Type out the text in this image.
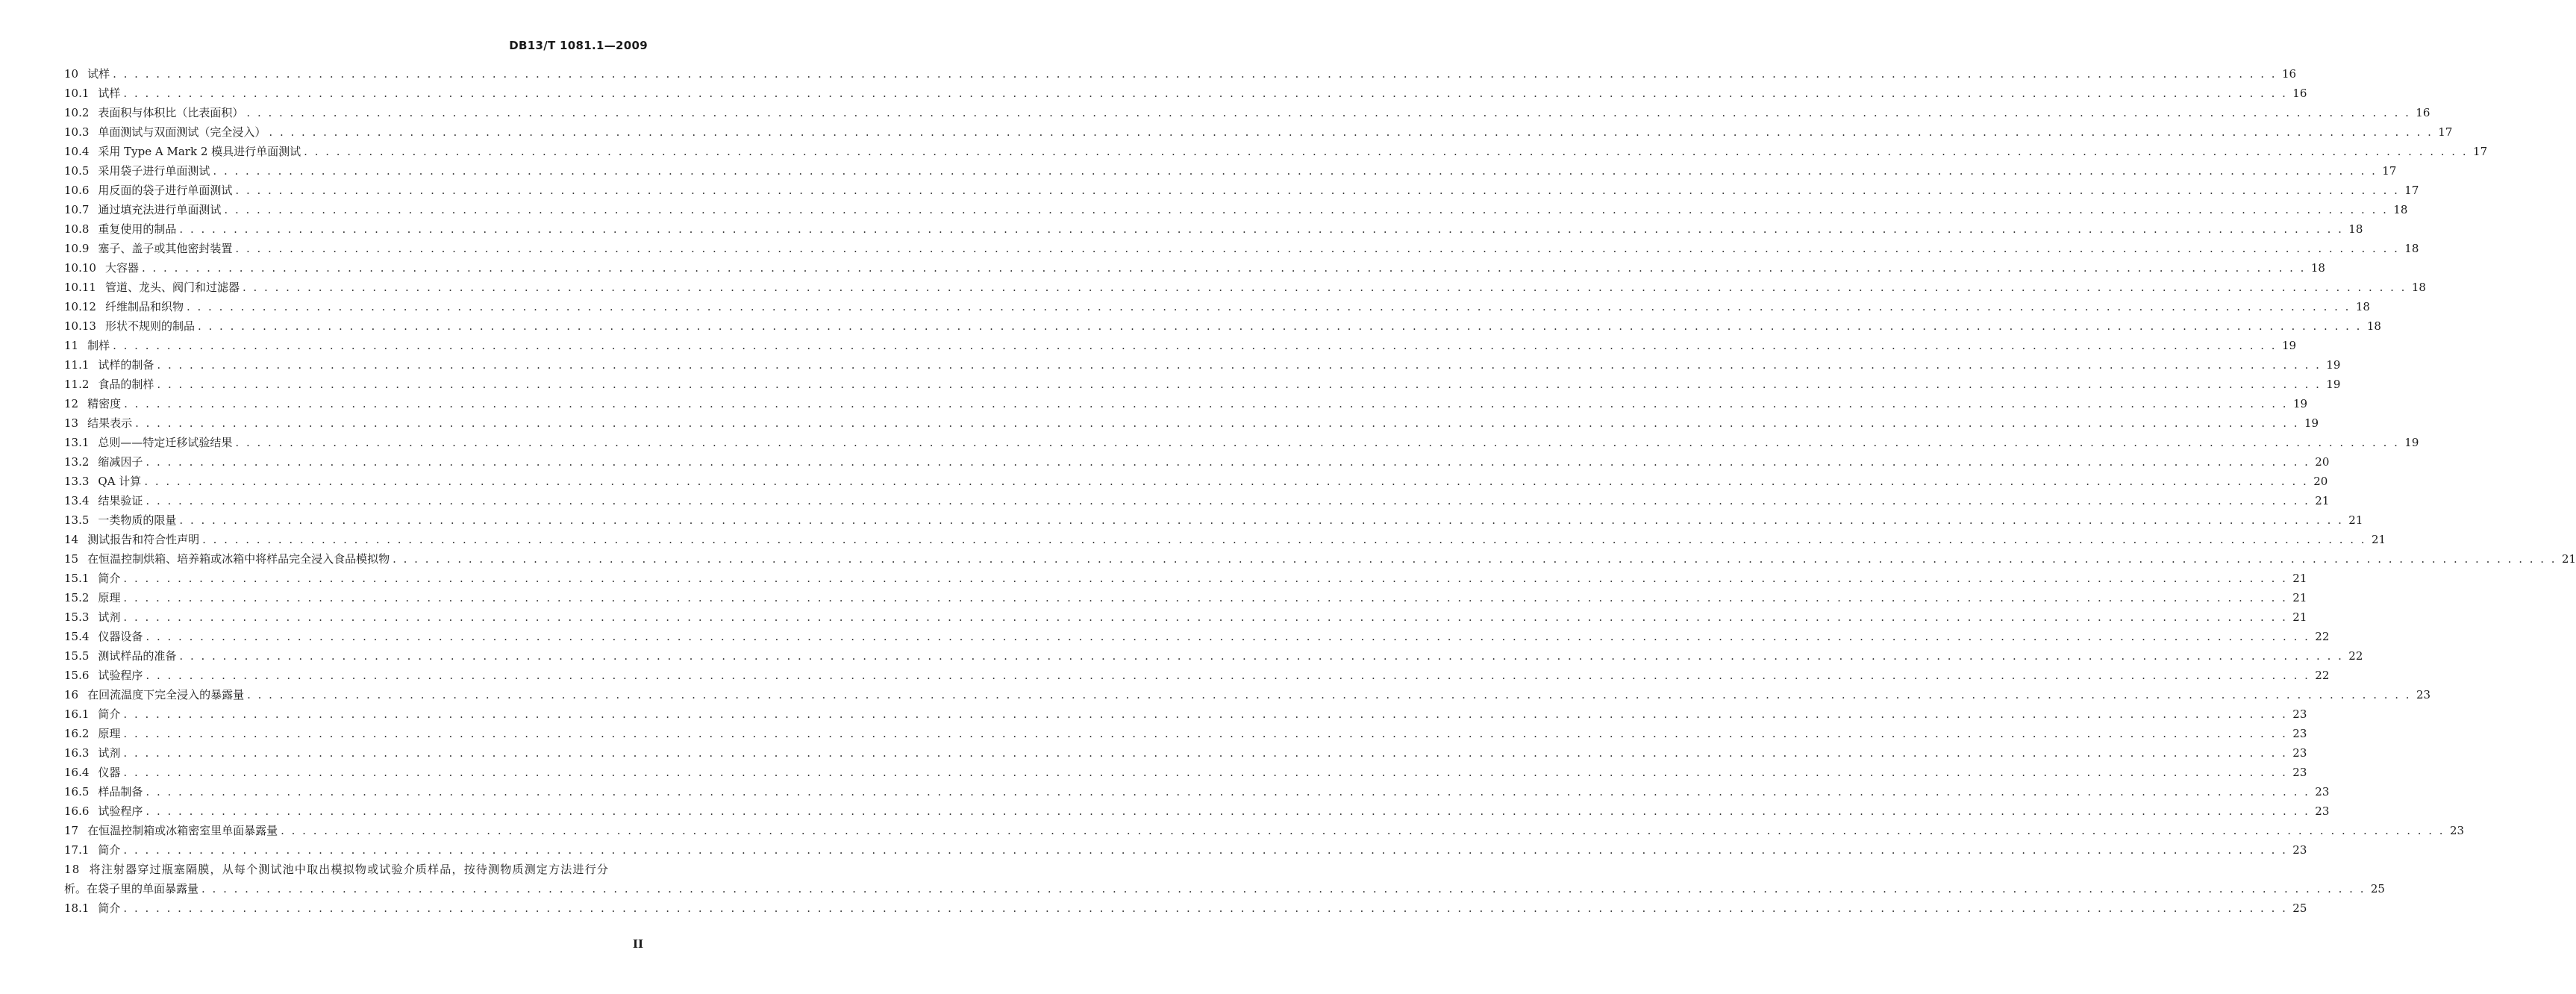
DB13/T 1081.1—2009
10 试样 . . . . . . . . . . . . . . . . . . . . . . . . . . . . . . . . . . . . . . . . . . . . . . . . . . . . . . . . . . . . . . . . . . . . . . . . . . . . . . . . . . . . . . . . . . . . . . . . . . . . . . . . . . . . . . . . . . . . . . . . . . . . . . . . . . . . . . . . . . . . . . . . . . . . . . . . . . . . . . . . . . . . . . . . . . . . . . . . . . . . . . . . . . . . . . . . . . . . . . . . 16
10.1 试样 . . . . . . . . . . . . . . . . . . . . . . . . . . . . . . . . . . . . . . . . . . . . . . . . . . . . . . . . . . . . . . . . . . . . . . . . . . . . . . . . . . . . . . . . . . . . . . . . . . . . . . . . . . . . . . . . . . . . . . . . . . . . . . . . . . . . . . . . . . . . . . . . . . . . . . . . . . . . . . . . . . . . . . . . . . . . . . . . . . . . . . . . . . . . . . . . . . . . . . . . 16
10.2 表面积与体积比（比表面积） . . . . . . . . . . . . . . . . . . . . . . . . . . . . . . . . . . . . . . . . . . . . . . . . . . . . . . . . . . . . . . . . . . . . . . . . . . . . . . . . . . . . . . . . . . . . . . . . . . . . . . . . . . . . . . . . . . . . . . . . . . . . . . . . . . . . . . . . . . . . . . . . . . . . . . . . . . . . . . . . . . . . . . . . . . . . . . . . . . . . . . . . . . . . . . . . . . . . . . . . 16
10.3 单面测试与双面测试（完全浸入） . . . . . . . . . . . . . . . . . . . . . . . . . . . . . . . . . . . . . . . . . . . . . . . . . . . . . . . . . . . . . . . . . . . . . . . . . . . . . . . . . . . . . . . . . . . . . . . . . . . . . . . . . . . . . . . . . . . . . . . . . . . . . . . . . . . . . . . . . . . . . . . . . . . . . . . . . . . . . . . . . . . . . . . . . . . . . . . . . . . . . . . . . . . . . . . . . . . . . . . . 17
10.4 采用 Type A Mark 2 模具进行单面测试 . . . . . . . . . . . . . . . . . . . . . . . . . . . . . . . . . . . . . . . . . . . . . . . . . . . . . . . . . . . . . . . . . . . . . . . . . . . . . . . . . . . . . . . . . . . . . . . . . . . . . . . . . . . . . . . . . . . . . . . . . . . . . . . . . . . . . . . . . . . . . . . . . . . . . . . . . . . . . . . . . . . . . . . . . . . . . . . . . . . . . . . . . . . . . . . . . . . . . . . . 17
10.5 采用袋子进行单面测试 . . . . . . . . . . . . . . . . . . . . . . . . . . . . . . . . . . . . . . . . . . . . . . . . . . . . . . . . . . . . . . . . . . . . . . . . . . . . . . . . . . . . . . . . . . . . . . . . . . . . . . . . . . . . . . . . . . . . . . . . . . . . . . . . . . . . . . . . . . . . . . . . . . . . . . . . . . . . . . . . . . . . . . . . . . . . . . . . . . . . . . . . . . . . . . . . . . . . . . . . 17
10.6 用反面的袋子进行单面测试 . . . . . . . . . . . . . . . . . . . . . . . . . . . . . . . . . . . . . . . . . . . . . . . . . . . . . . . . . . . . . . . . . . . . . . . . . . . . . . . . . . . . . . . . . . . . . . . . . . . . . . . . . . . . . . . . . . . . . . . . . . . . . . . . . . . . . . . . . . . . . . . . . . . . . . . . . . . . . . . . . . . . . . . . . . . . . . . . . . . . . . . . . . . . . . . . . . . . . . . . 17
10.7 通过填充法进行单面测试 . . . . . . . . . . . . . . . . . . . . . . . . . . . . . . . . . . . . . . . . . . . . . . . . . . . . . . . . . . . . . . . . . . . . . . . . . . . . . . . . . . . . . . . . . . . . . . . . . . . . . . . . . . . . . . . . . . . . . . . . . . . . . . . . . . . . . . . . . . . . . . . . . . . . . . . . . . . . . . . . . . . . . . . . . . . . . . . . . . . . . . . . . . . . . . . . . . . . . . . . 18
10.8 重复使用的制品 . . . . . . . . . . . . . . . . . . . . . . . . . . . . . . . . . . . . . . . . . . . . . . . . . . . . . . . . . . . . . . . . . . . . . . . . . . . . . . . . . . . . . . . . . . . . . . . . . . . . . . . . . . . . . . . . . . . . . . . . . . . . . . . . . . . . . . . . . . . . . . . . . . . . . . . . . . . . . . . . . . . . . . . . . . . . . . . . . . . . . . . . . . . . . . . . . . . . . . . . 18
10.9 塞子、盖子或其他密封装置 . . . . . . . . . . . . . . . . . . . . . . . . . . . . . . . . . . . . . . . . . . . . . . . . . . . . . . . . . . . . . . . . . . . . . . . . . . . . . . . . . . . . . . . . . . . . . . . . . . . . . . . . . . . . . . . . . . . . . . . . . . . . . . . . . . . . . . . . . . . . . . . . . . . . . . . . . . . . . . . . . . . . . . . . . . . . . . . . . . . . . . . . . . . . . . . . . . . . . . . . 18
10.10 大容器 . . . . . . . . . . . . . . . . . . . . . . . . . . . . . . . . . . . . . . . . . . . . . . . . . . . . . . . . . . . . . . . . . . . . . . . . . . . . . . . . . . . . . . . . . . . . . . . . . . . . . . . . . . . . . . . . . . . . . . . . . . . . . . . . . . . . . . . . . . . . . . . . . . . . . . . . . . . . . . . . . . . . . . . . . . . . . . . . . . . . . . . . . . . . . . . . . . . . . . . . 18
10.11 管道、龙头、阀门和过滤器 . . . . . . . . . . . . . . . . . . . . . . . . . . . . . . . . . . . . . . . . . . . . . . . . . . . . . . . . . . . . . . . . . . . . . . . . . . . . . . . . . . . . . . . . . . . . . . . . . . . . . . . . . . . . . . . . . . . . . . . . . . . . . . . . . . . . . . . . . . . . . . . . . . . . . . . . . . . . . . . . . . . . . . . . . . . . . . . . . . . . . . . . . . . . . . . . . . . . . . . . 18
10.12 纤维制品和织物 . . . . . . . . . . . . . . . . . . . . . . . . . . . . . . . . . . . . . . . . . . . . . . . . . . . . . . . . . . . . . . . . . . . . . . . . . . . . . . . . . . . . . . . . . . . . . . . . . . . . . . . . . . . . . . . . . . . . . . . . . . . . . . . . . . . . . . . . . . . . . . . . . . . . . . . . . . . . . . . . . . . . . . . . . . . . . . . . . . . . . . . . . . . . . . . . . . . . . . . . 18
10.13 形状不规则的制品 . . . . . . . . . . . . . . . . . . . . . . . . . . . . . . . . . . . . . . . . . . . . . . . . . . . . . . . . . . . . . . . . . . . . . . . . . . . . . . . . . . . . . . . . . . . . . . . . . . . . . . . . . . . . . . . . . . . . . . . . . . . . . . . . . . . . . . . . . . . . . . . . . . . . . . . . . . . . . . . . . . . . . . . . . . . . . . . . . . . . . . . . . . . . . . . . . . . . . . . . 18
11 制样 . . . . . . . . . . . . . . . . . . . . . . . . . . . . . . . . . . . . . . . . . . . . . . . . . . . . . . . . . . . . . . . . . . . . . . . . . . . . . . . . . . . . . . . . . . . . . . . . . . . . . . . . . . . . . . . . . . . . . . . . . . . . . . . . . . . . . . . . . . . . . . . . . . . . . . . . . . . . . . . . . . . . . . . . . . . . . . . . . . . . . . . . . . . . . . . . . . . . . . . . 19
11.1 试样的制备 . . . . . . . . . . . . . . . . . . . . . . . . . . . . . . . . . . . . . . . . . . . . . . . . . . . . . . . . . . . . . . . . . . . . . . . . . . . . . . . . . . . . . . . . . . . . . . . . . . . . . . . . . . . . . . . . . . . . . . . . . . . . . . . . . . . . . . . . . . . . . . . . . . . . . . . . . . . . . . . . . . . . . . . . . . . . . . . . . . . . . . . . . . . . . . . . . . . . . . . . 19
11.2 食品的制样 . . . . . . . . . . . . . . . . . . . . . . . . . . . . . . . . . . . . . . . . . . . . . . . . . . . . . . . . . . . . . . . . . . . . . . . . . . . . . . . . . . . . . . . . . . . . . . . . . . . . . . . . . . . . . . . . . . . . . . . . . . . . . . . . . . . . . . . . . . . . . . . . . . . . . . . . . . . . . . . . . . . . . . . . . . . . . . . . . . . . . . . . . . . . . . . . . . . . . . . . 19
12 精密度 . . . . . . . . . . . . . . . . . . . . . . . . . . . . . . . . . . . . . . . . . . . . . . . . . . . . . . . . . . . . . . . . . . . . . . . . . . . . . . . . . . . . . . . . . . . . . . . . . . . . . . . . . . . . . . . . . . . . . . . . . . . . . . . . . . . . . . . . . . . . . . . . . . . . . . . . . . . . . . . . . . . . . . . . . . . . . . . . . . . . . . . . . . . . . . . . . . . . . . . . 19
13 结果表示 . . . . . . . . . . . . . . . . . . . . . . . . . . . . . . . . . . . . . . . . . . . . . . . . . . . . . . . . . . . . . . . . . . . . . . . . . . . . . . . . . . . . . . . . . . . . . . . . . . . . . . . . . . . . . . . . . . . . . . . . . . . . . . . . . . . . . . . . . . . . . . . . . . . . . . . . . . . . . . . . . . . . . . . . . . . . . . . . . . . . . . . . . . . . . . . . . . . . . . . . 19
13.1 总则——特定迁移试验结果 . . . . . . . . . . . . . . . . . . . . . . . . . . . . . . . . . . . . . . . . . . . . . . . . . . . . . . . . . . . . . . . . . . . . . . . . . . . . . . . . . . . . . . . . . . . . . . . . . . . . . . . . . . . . . . . . . . . . . . . . . . . . . . . . . . . . . . . . . . . . . . . . . . . . . . . . . . . . . . . . . . . . . . . . . . . . . . . . . . . . . . . . . . . . . . . . . . . . . . . . 19
13.2 缩减因子 . . . . . . . . . . . . . . . . . . . . . . . . . . . . . . . . . . . . . . . . . . . . . . . . . . . . . . . . . . . . . . . . . . . . . . . . . . . . . . . . . . . . . . . . . . . . . . . . . . . . . . . . . . . . . . . . . . . . . . . . . . . . . . . . . . . . . . . . . . . . . . . . . . . . . . . . . . . . . . . . . . . . . . . . . . . . . . . . . . . . . . . . . . . . . . . . . . . . . . . . 20
13.3 QA 计算 . . . . . . . . . . . . . . . . . . . . . . . . . . . . . . . . . . . . . . . . . . . . . . . . . . . . . . . . . . . . . . . . . . . . . . . . . . . . . . . . . . . . . . . . . . . . . . . . . . . . . . . . . . . . . . . . . . . . . . . . . . . . . . . . . . . . . . . . . . . . . . . . . . . . . . . . . . . . . . . . . . . . . . . . . . . . . . . . . . . . . . . . . . . . . . . . . . . . . . . . 20
13.4 结果验证 . . . . . . . . . . . . . . . . . . . . . . . . . . . . . . . . . . . . . . . . . . . . . . . . . . . . . . . . . . . . . . . . . . . . . . . . . . . . . . . . . . . . . . . . . . . . . . . . . . . . . . . . . . . . . . . . . . . . . . . . . . . . . . . . . . . . . . . . . . . . . . . . . . . . . . . . . . . . . . . . . . . . . . . . . . . . . . . . . . . . . . . . . . . . . . . . . . . . . . . . 21
13.5 一类物质的限量 . . . . . . . . . . . . . . . . . . . . . . . . . . . . . . . . . . . . . . . . . . . . . . . . . . . . . . . . . . . . . . . . . . . . . . . . . . . . . . . . . . . . . . . . . . . . . . . . . . . . . . . . . . . . . . . . . . . . . . . . . . . . . . . . . . . . . . . . . . . . . . . . . . . . . . . . . . . . . . . . . . . . . . . . . . . . . . . . . . . . . . . . . . . . . . . . . . . . . . . . 21
14 测试报告和符合性声明 . . . . . . . . . . . . . . . . . . . . . . . . . . . . . . . . . . . . . . . . . . . . . . . . . . . . . . . . . . . . . . . . . . . . . . . . . . . . . . . . . . . . . . . . . . . . . . . . . . . . . . . . . . . . . . . . . . . . . . . . . . . . . . . . . . . . . . . . . . . . . . . . . . . . . . . . . . . . . . . . . . . . . . . . . . . . . . . . . . . . . . . . . . . . . . . . . . . . . . . . 21
15 在恒温控制烘箱、培养箱或冰箱中将样品完全浸入食品模拟物 . . . . . . . . . . . . . . . . . . . . . . . . . . . . . . . . . . . . . . . . . . . . . . . . . . . . . . . . . . . . . . . . . . . . . . . . . . . . . . . . . . . . . . . . . . . . . . . . . . . . . . . . . . . . . . . . . . . . . . . . . . . . . . . . . . . . . . . . . . . . . . . . . . . . . . . . . . . . . . . . . . . . . . . . . . . . . . . . . . . . . . . . . . . . . . . . . . . . . . . . 21
15.1 简介 . . . . . . . . . . . . . . . . . . . . . . . . . . . . . . . . . . . . . . . . . . . . . . . . . . . . . . . . . . . . . . . . . . . . . . . . . . . . . . . . . . . . . . . . . . . . . . . . . . . . . . . . . . . . . . . . . . . . . . . . . . . . . . . . . . . . . . . . . . . . . . . . . . . . . . . . . . . . . . . . . . . . . . . . . . . . . . . . . . . . . . . . . . . . . . . . . . . . . . . . 21
15.2 原理 . . . . . . . . . . . . . . . . . . . . . . . . . . . . . . . . . . . . . . . . . . . . . . . . . . . . . . . . . . . . . . . . . . . . . . . . . . . . . . . . . . . . . . . . . . . . . . . . . . . . . . . . . . . . . . . . . . . . . . . . . . . . . . . . . . . . . . . . . . . . . . . . . . . . . . . . . . . . . . . . . . . . . . . . . . . . . . . . . . . . . . . . . . . . . . . . . . . . . . . . 21
15.3 试剂 . . . . . . . . . . . . . . . . . . . . . . . . . . . . . . . . . . . . . . . . . . . . . . . . . . . . . . . . . . . . . . . . . . . . . . . . . . . . . . . . . . . . . . . . . . . . . . . . . . . . . . . . . . . . . . . . . . . . . . . . . . . . . . . . . . . . . . . . . . . . . . . . . . . . . . . . . . . . . . . . . . . . . . . . . . . . . . . . . . . . . . . . . . . . . . . . . . . . . . . . 21
15.4 仪器设备 . . . . . . . . . . . . . . . . . . . . . . . . . . . . . . . . . . . . . . . . . . . . . . . . . . . . . . . . . . . . . . . . . . . . . . . . . . . . . . . . . . . . . . . . . . . . . . . . . . . . . . . . . . . . . . . . . . . . . . . . . . . . . . . . . . . . . . . . . . . . . . . . . . . . . . . . . . . . . . . . . . . . . . . . . . . . . . . . . . . . . . . . . . . . . . . . . . . . . . . . 22
15.5 测试样品的准备 . . . . . . . . . . . . . . . . . . . . . . . . . . . . . . . . . . . . . . . . . . . . . . . . . . . . . . . . . . . . . . . . . . . . . . . . . . . . . . . . . . . . . . . . . . . . . . . . . . . . . . . . . . . . . . . . . . . . . . . . . . . . . . . . . . . . . . . . . . . . . . . . . . . . . . . . . . . . . . . . . . . . . . . . . . . . . . . . . . . . . . . . . . . . . . . . . . . . . . . . 22
15.6 试验程序 . . . . . . . . . . . . . . . . . . . . . . . . . . . . . . . . . . . . . . . . . . . . . . . . . . . . . . . . . . . . . . . . . . . . . . . . . . . . . . . . . . . . . . . . . . . . . . . . . . . . . . . . . . . . . . . . . . . . . . . . . . . . . . . . . . . . . . . . . . . . . . . . . . . . . . . . . . . . . . . . . . . . . . . . . . . . . . . . . . . . . . . . . . . . . . . . . . . . . . . . 22
16 在回流温度下完全浸入的暴露量 . . . . . . . . . . . . . . . . . . . . . . . . . . . . . . . . . . . . . . . . . . . . . . . . . . . . . . . . . . . . . . . . . . . . . . . . . . . . . . . . . . . . . . . . . . . . . . . . . . . . . . . . . . . . . . . . . . . . . . . . . . . . . . . . . . . . . . . . . . . . . . . . . . . . . . . . . . . . . . . . . . . . . . . . . . . . . . . . . . . . . . . . . . . . . . . . . . . . . . . . 23
16.1 简介 . . . . . . . . . . . . . . . . . . . . . . . . . . . . . . . . . . . . . . . . . . . . . . . . . . . . . . . . . . . . . . . . . . . . . . . . . . . . . . . . . . . . . . . . . . . . . . . . . . . . . . . . . . . . . . . . . . . . . . . . . . . . . . . . . . . . . . . . . . . . . . . . . . . . . . . . . . . . . . . . . . . . . . . . . . . . . . . . . . . . . . . . . . . . . . . . . . . . . . . . 23
16.2 原理 . . . . . . . . . . . . . . . . . . . . . . . . . . . . . . . . . . . . . . . . . . . . . . . . . . . . . . . . . . . . . . . . . . . . . . . . . . . . . . . . . . . . . . . . . . . . . . . . . . . . . . . . . . . . . . . . . . . . . . . . . . . . . . . . . . . . . . . . . . . . . . . . . . . . . . . . . . . . . . . . . . . . . . . . . . . . . . . . . . . . . . . . . . . . . . . . . . . . . . . . 23
16.3 试剂 . . . . . . . . . . . . . . . . . . . . . . . . . . . . . . . . . . . . . . . . . . . . . . . . . . . . . . . . . . . . . . . . . . . . . . . . . . . . . . . . . . . . . . . . . . . . . . . . . . . . . . . . . . . . . . . . . . . . . . . . . . . . . . . . . . . . . . . . . . . . . . . . . . . . . . . . . . . . . . . . . . . . . . . . . . . . . . . . . . . . . . . . . . . . . . . . . . . . . . . . 23
16.4 仪器 . . . . . . . . . . . . . . . . . . . . . . . . . . . . . . . . . . . . . . . . . . . . . . . . . . . . . . . . . . . . . . . . . . . . . . . . . . . . . . . . . . . . . . . . . . . . . . . . . . . . . . . . . . . . . . . . . . . . . . . . . . . . . . . . . . . . . . . . . . . . . . . . . . . . . . . . . . . . . . . . . . . . . . . . . . . . . . . . . . . . . . . . . . . . . . . . . . . . . . . . 23
16.5 样品制备 . . . . . . . . . . . . . . . . . . . . . . . . . . . . . . . . . . . . . . . . . . . . . . . . . . . . . . . . . . . . . . . . . . . . . . . . . . . . . . . . . . . . . . . . . . . . . . . . . . . . . . . . . . . . . . . . . . . . . . . . . . . . . . . . . . . . . . . . . . . . . . . . . . . . . . . . . . . . . . . . . . . . . . . . . . . . . . . . . . . . . . . . . . . . . . . . . . . . . . . . 23
16.6 试验程序 . . . . . . . . . . . . . . . . . . . . . . . . . . . . . . . . . . . . . . . . . . . . . . . . . . . . . . . . . . . . . . . . . . . . . . . . . . . . . . . . . . . . . . . . . . . . . . . . . . . . . . . . . . . . . . . . . . . . . . . . . . . . . . . . . . . . . . . . . . . . . . . . . . . . . . . . . . . . . . . . . . . . . . . . . . . . . . . . . . . . . . . . . . . . . . . . . . . . . . . . 23
17 在恒温控制箱或冰箱密室里单面暴露量 . . . . . . . . . . . . . . . . . . . . . . . . . . . . . . . . . . . . . . . . . . . . . . . . . . . . . . . . . . . . . . . . . . . . . . . . . . . . . . . . . . . . . . . . . . . . . . . . . . . . . . . . . . . . . . . . . . . . . . . . . . . . . . . . . . . . . . . . . . . . . . . . . . . . . . . . . . . . . . . . . . . . . . . . . . . . . . . . . . . . . . . . . . . . . . . . . . . . . . . . 23
17.1 简介 . . . . . . . . . . . . . . . . . . . . . . . . . . . . . . . . . . . . . . . . . . . . . . . . . . . . . . . . . . . . . . . . . . . . . . . . . . . . . . . . . . . . . . . . . . . . . . . . . . . . . . . . . . . . . . . . . . . . . . . . . . . . . . . . . . . . . . . . . . . . . . . . . . . . . . . . . . . . . . . . . . . . . . . . . . . . . . . . . . . . . . . . . . . . . . . . . . . . . . . . 23
18 将注射器穿过瓶塞隔膜，从每个测试池中取出模拟物或试验介质样品，按待测物质测定方法进行分
析。在袋子里的单面暴露量 . . . . . . . . . . . . . . . . . . . . . . . . . . . . . . . . . . . . . . . . . . . . . . . . . . . . . . . . . . . . . . . . . . . . . . . . . . . . . . . . . . . . . . . . . . . . . . . . . . . . . . . . . . . . . . . . . . . . . . . . . . . . . . . . . . . . . . . . . . . . . . . . . . . . . . . . . . . . . . . . . . . . . . . . . . . . . . . . . . . . . . . . . . . . . . . . . . . . . . . . 25
18.1 简介 . . . . . . . . . . . . . . . . . . . . . . . . . . . . . . . . . . . . . . . . . . . . . . . . . . . . . . . . . . . . . . . . . . . . . . . . . . . . . . . . . . . . . . . . . . . . . . . . . . . . . . . . . . . . . . . . . . . . . . . . . . . . . . . . . . . . . . . . . . . . . . . . . . . . . . . . . . . . . . . . . . . . . . . . . . . . . . . . . . . . . . . . . . . . . . . . . . . . . . . . 25
II
